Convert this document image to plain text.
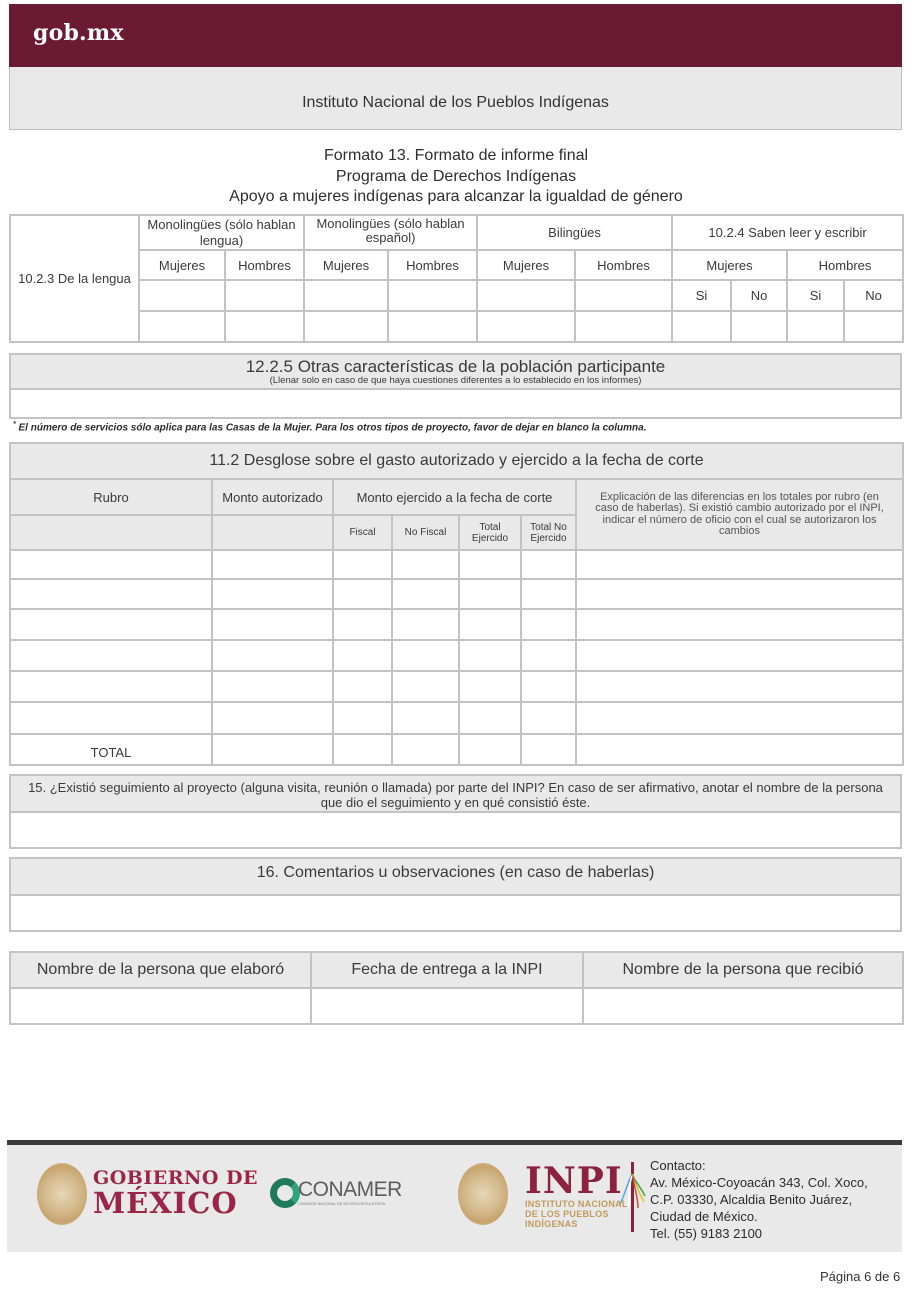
gob.mx
Instituto Nacional de los Pueblos Indígenas
Formato 13. Formato de informe final
Programa de Derechos Indígenas
Apoyo a mujeres indígenas para alcanzar la igualdad de género
10.2.3 De la lengua	Monolingües (sólo hablan lengua)		Monolingües (sólo hablan español)		Bilingües		10.2.4 Saben leer y escribir			
	Mujeres	Hombres	Mujeres	Hombres	Mujeres	Hombres	Mujeres		Hombres	
							Si	No	Si	No

12.2.5 Otras características de la población participante
(Llenar solo en caso de que haya cuestiones diferentes a lo establecido en los informes)

* El número de servicios sólo aplica para las Casas de la Mujer. Para los otros tipos de proyecto, favor de dejar en blanco la columna.
11.2 Desglose sobre el gasto autorizado y ejercido a la fecha de corte						
Rubro	Monto autorizado	Monto ejercido a la fecha de corte				Explicación de las diferencias en los totales por rubro (en caso de haberlas). Si existió cambio autorizado por el INPI, indicar el número de oficio con el cual se autorizaron los cambios
		Fiscal	No Fiscal	Total Ejercido	Total No Ejercido	

TOTAL						
15. ¿Existió seguimiento al proyecto (alguna visita, reunión o llamada) por parte del INPI? En caso de ser afirmativo, anotar el nombre de la persona que dio el seguimiento y en qué consistió éste.

16. Comentarios u observaciones (en caso de haberlas)

Nombre de la persona que elaboró	Fecha de entrega a la INPI	Nombre de la persona que recibió

GOBIERNO DE
MÉXICO	CONAMER
COMISIÓN NACIONAL DE MEJORA REGULATORIA
INPI
INSTITUTO NACIONAL
DE LOS PUEBLOS
INDÍGENAS
Contacto:
Av. México-Coyoacán 343, Col. Xoco,
C.P. 03330, Alcaldia Benito Juárez,
Ciudad de México.
Tel. (55) 9183 2100
Página 6 de 6
